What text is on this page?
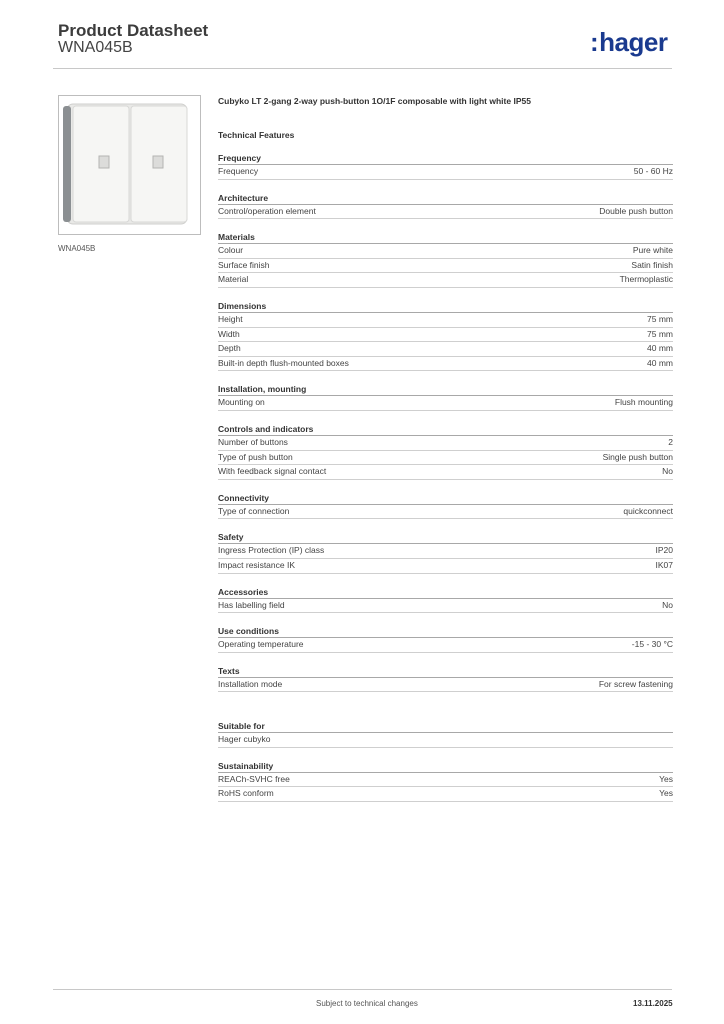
Product Datasheet
WNA045B	:hager
WNA045B
Cubyko LT 2-gang 2-way push-button 1O/1F composable with light white IP55
Technical Features
Frequency
Frequency	50 - 60 Hz
Architecture
Control/operation element	Double push button
Materials
Colour	Pure white
Surface finish	Satin finish
Material	Thermoplastic
Dimensions
Height	75 mm
Width	75 mm
Depth	40 mm
Built-in depth flush-mounted boxes	40 mm
Installation, mounting
Mounting on	Flush mounting
Controls and indicators
Number of buttons	2
Type of push button	Single push button
With feedback signal contact	No
Connectivity
Type of connection	quickconnect
Safety
Ingress Protection (IP) class	IP20
Impact resistance IK	IK07
Accessories
Has labelling field	No
Use conditions
Operating temperature	-15 - 30 °C
Texts
Installation mode	For screw fastening
Suitable for
Hager cubyko
Sustainability
REACh-SVHC free	Yes
RoHS conform	Yes
Subject to technical changes	13.11.2025
